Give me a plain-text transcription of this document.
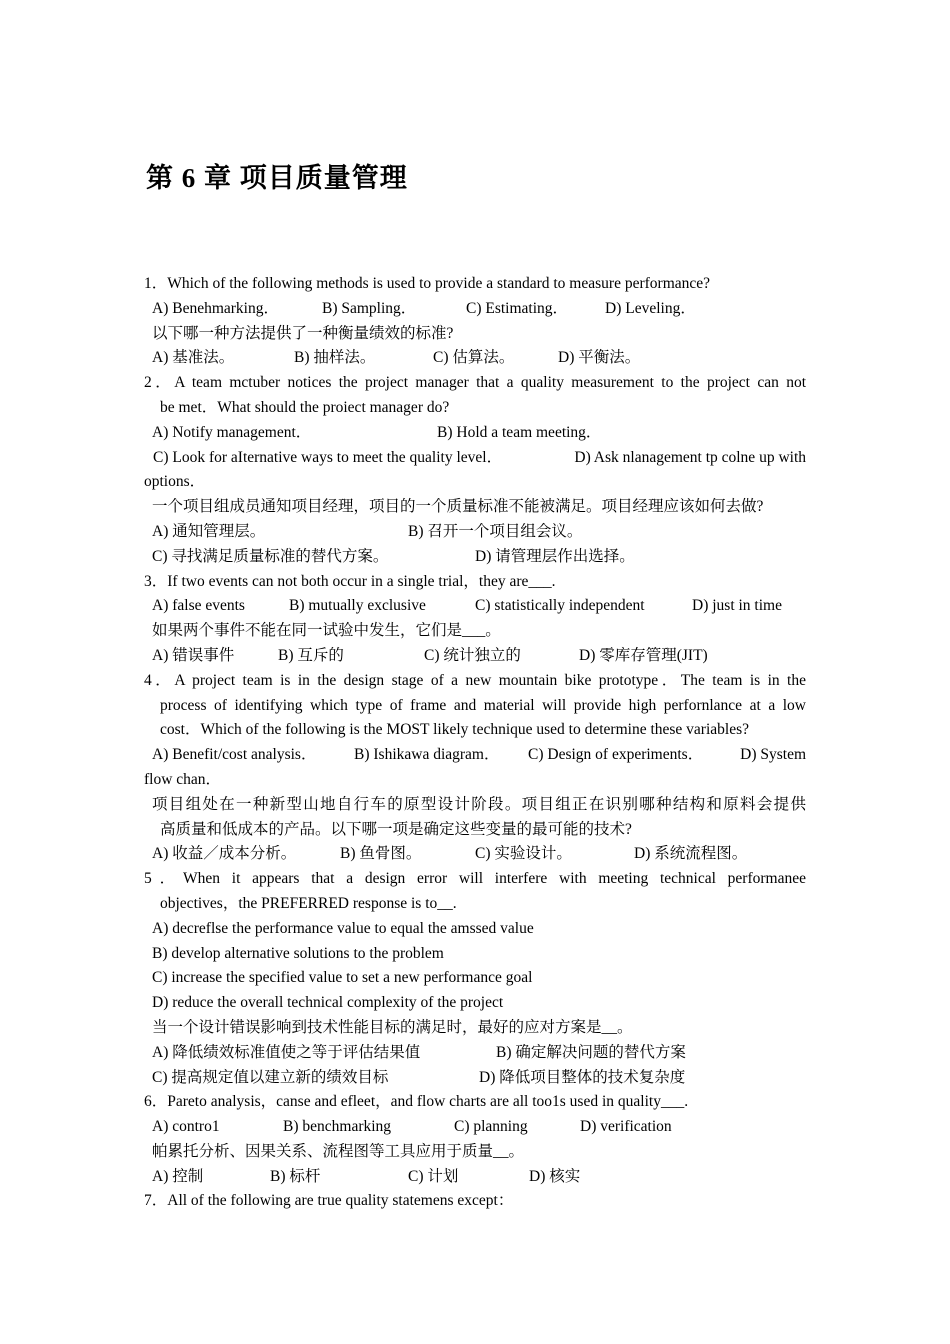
第 6 章 项目质量管理
1．Which of the following methods is used to provide a standard to measure performance?
A) Benehmarking．	B) Sampling．	C) Estimating． D) Leveling．
以下哪一种方法提供了一种衡量绩效的标准?
A) 基准法。	B) 抽样法。	C) 估算法。	D) 平衡法。
2．A team mctuber notices the project manager that a quality measurement to the project can not
be met．What should the proiect manager do?
A) Notify management．	B) Hold a team meeting．
C) Look for aIternative ways to meet the quality level．	D) Ask nlanagement tp colne up with
options．
一个项目组成员通知项目经理，项目的一个质量标准不能被满足。项目经理应该如何去做?
A) 通知管理层。	B) 召开一个项目组会议。
C) 寻找满足质量标准的替代方案。	D) 请管理层作出选择。
3．If two events can not both occur in a single trial，they are___.
A) false events	B) mutually exclusive	C) statistically independent	D) just in time
如果两个事件不能在同一试验中发生，它们是___。
A) 错误事件	B) 互斥的	C) 统计独立的	D) 零库存管理(JIT)
4．A project team is in the design stage of a new mountain bike prototype．The team is in the
process of identifying which type of frame and material will provide high perfornlance at a low
cost．Which of the following is the MOST likely technique used to determine these variables?
A) Benefit/cost analysis． B) Ishikawa diagram． C) Design of experiments． D) System
flow chan．
项目组处在一种新型山地自行车的原型设计阶段。项目组正在识别哪种结构和原料会提供
高质量和低成本的产品。以下哪一项是确定这些变量的最可能的技术?
A) 收益／成本分析。	B) 鱼骨图。	C) 实验设计。	D) 系统流程图。
5．When it appears that a design error will interfere with meeting technical performanee
objectives，the PREFERRED response is to__.
A) decreflse the performance value to equal the amssed value
B) develop alternative solutions to the problem
C) increase the specified value to set a new performance goal
D) reduce the overall technical complexity of the project
当一个设计错误影响到技术性能目标的满足时，最好的应对方案是__。
A) 降低绩效标准值使之等于评估结果值	B) 确定解决问题的替代方案
C) 提高规定值以建立新的绩效目标	D) 降低项目整体的技术复杂度
6．Pareto analysis，canse and efleet，and flow charts are all too1s used in quality___.
A) contro1	B) benchmarking	C) planning	D) verification
帕累托分析、因果关系、流程图等工具应用于质量__。
A) 控制	B) 标杆	C) 计划	D) 核实
7．All of the following are true quality statemens except：
